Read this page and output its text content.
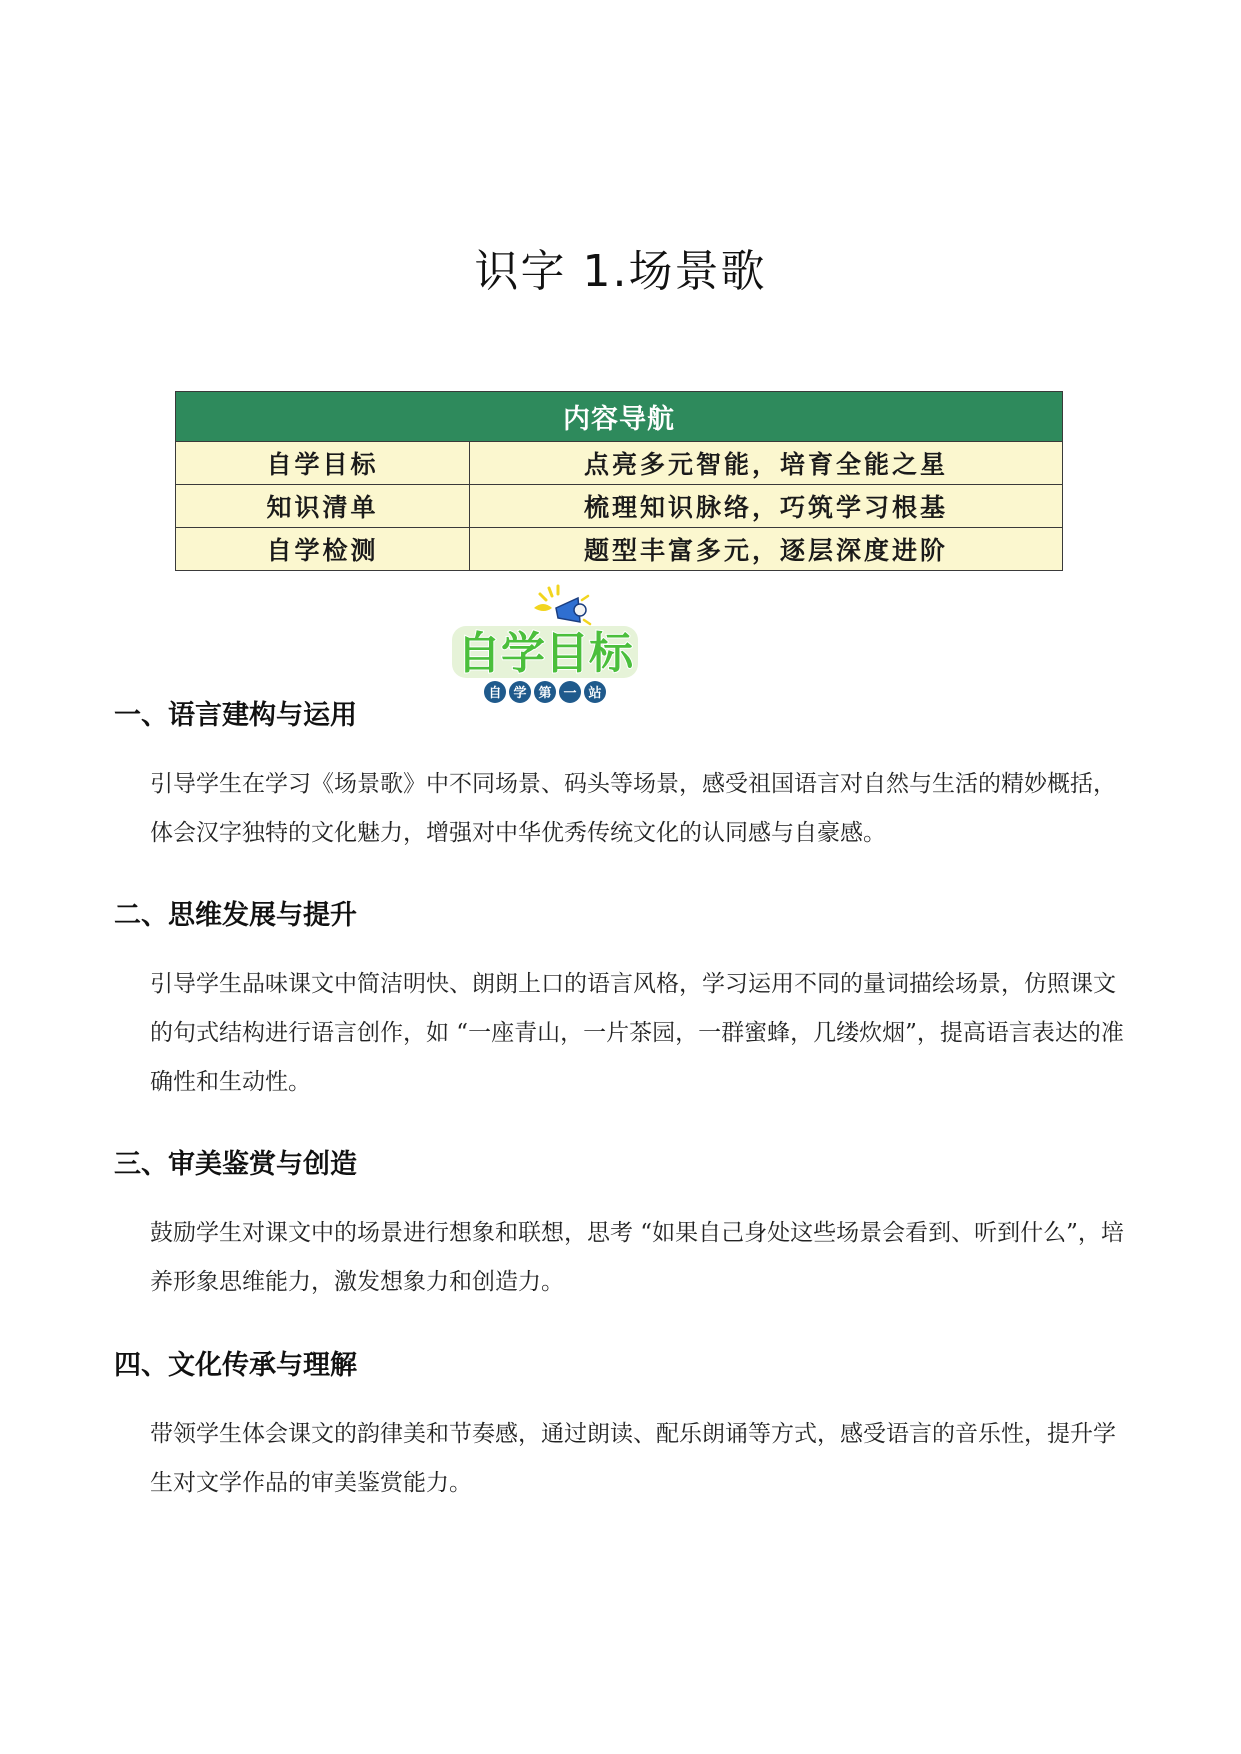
识字 1.场景歌
内容导航	
自学目标	点亮多元智能，培育全能之星
知识清单	梳理知识脉络，巧筑学习根基
自学检测	题型丰富多元，逐层深度进阶
自学目标
自 学 第 一 站
一、语言建构与运用

引导学生在学习《场景歌》中不同场景、码头等场景，感受祖国语言对自然与生活的精妙概括，体会汉字独特的文化魅力，增强对中华优秀传统文化的认同感与自豪感。

二、思维发展与提升

引导学生品味课文中简洁明快、朗朗上口的语言风格，学习运用不同的量词描绘场景，仿照课文的句式结构进行语言创作，如 “一座青山，一片茶园，一群蜜蜂，几缕炊烟”，提高语言表达的准确性和生动性。

三、审美鉴赏与创造

鼓励学生对课文中的场景进行想象和联想，思考 “如果自己身处这些场景会看到、听到什么”，培养形象思维能力，激发想象力和创造力。

四、文化传承与理解

带领学生体会课文的韵律美和节奏感，通过朗读、配乐朗诵等方式，感受语言的音乐性，提升学生对文学作品的审美鉴赏能力。
